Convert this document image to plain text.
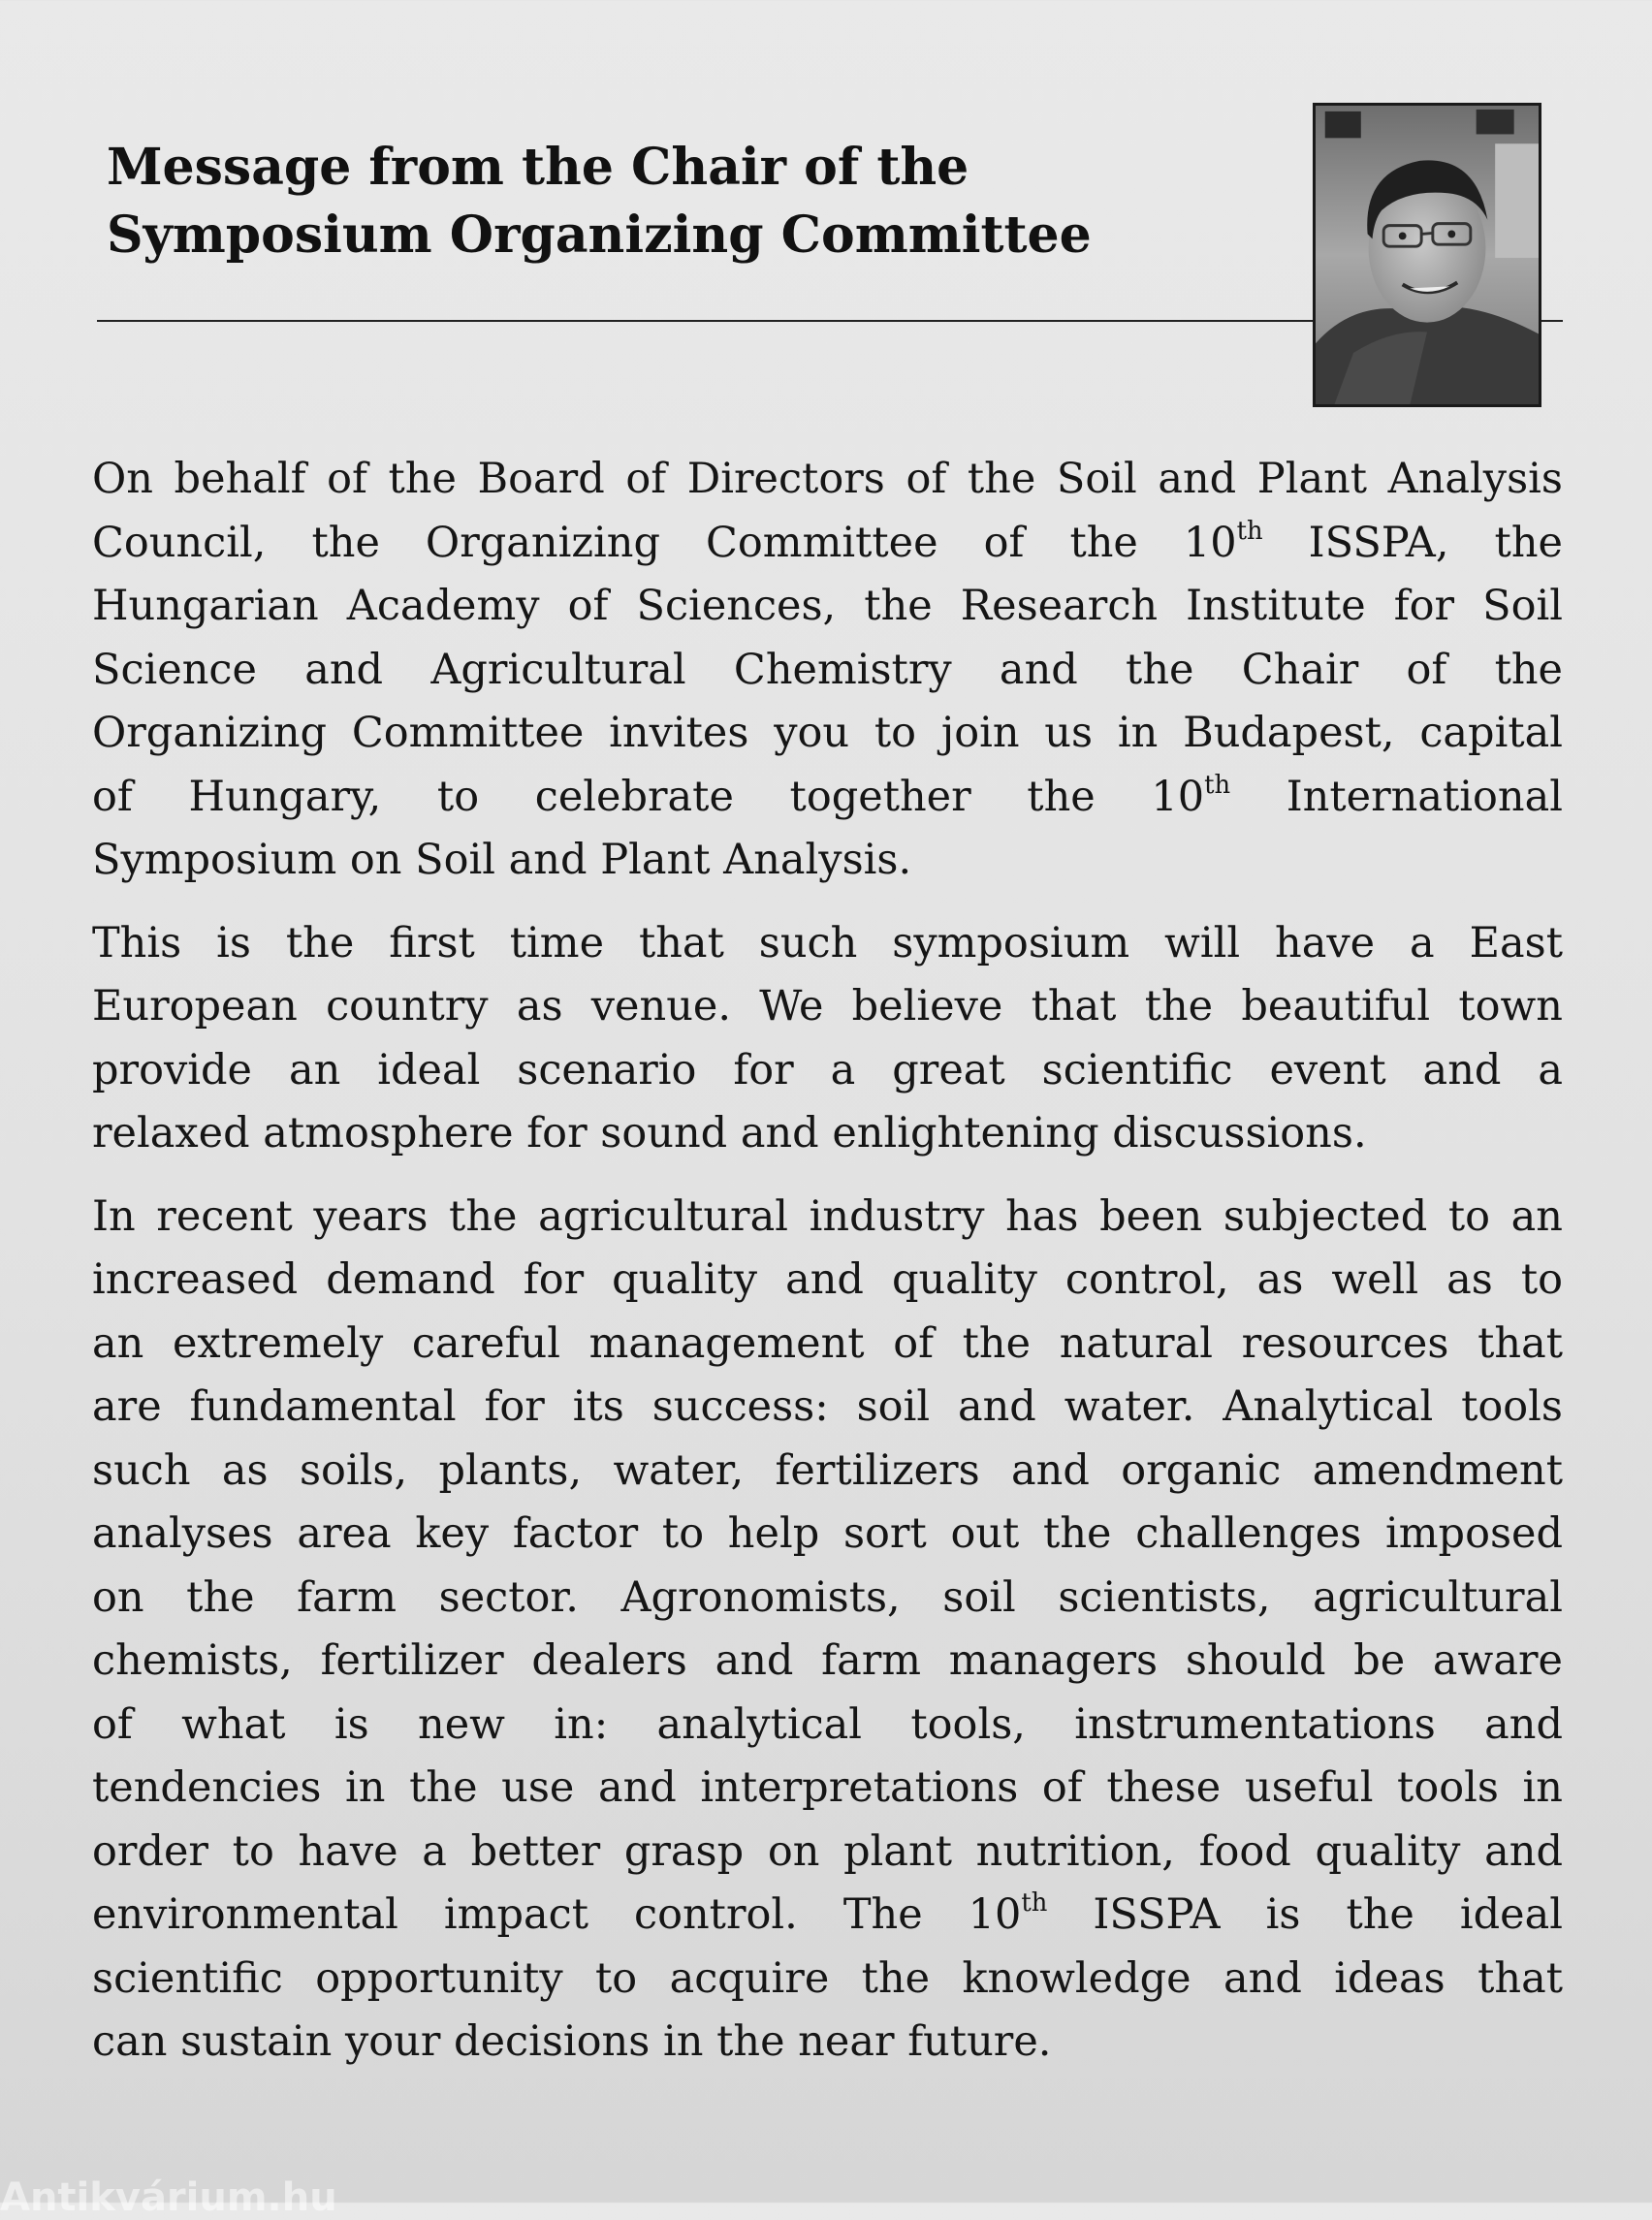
Message from the Chair of the
Symposium Organizing Committee

On behalf of the Board of Directors of the Soil and Plant Analysis
Council, the Organizing Committee of the 10th ISSPA, the
Hungarian Academy of Sciences, the Research Institute for Soil
Science and Agricultural Chemistry and the Chair of the
Organizing Committee invites you to join us in Budapest, capital
of Hungary, to celebrate together the 10th International
Symposium on Soil and Plant Analysis.

This is the first time that such symposium will have a East
European country as venue. We believe that the beautiful town
provide an ideal scenario for a great scientific event and a
relaxed atmosphere for sound and enlightening discussions.

In recent years the agricultural industry has been subjected to an
increased demand for quality and quality control, as well as to
an extremely careful management of the natural resources that
are fundamental for its success: soil and water. Analytical tools
such as soils, plants, water, fertilizers and organic amendment
analyses area key factor to help sort out the challenges imposed
on the farm sector. Agronomists, soil scientists, agricultural
chemists, fertilizer dealers and farm managers should be aware
of what is new in: analytical tools, instrumentations and
tendencies in the use and interpretations of these useful tools in
order to have a better grasp on plant nutrition, food quality and
environmental impact control. The 10th ISSPA is the ideal
scientific opportunity to acquire the knowledge and ideas that
can sustain your decisions in the near future.

Antikvárium.hu
